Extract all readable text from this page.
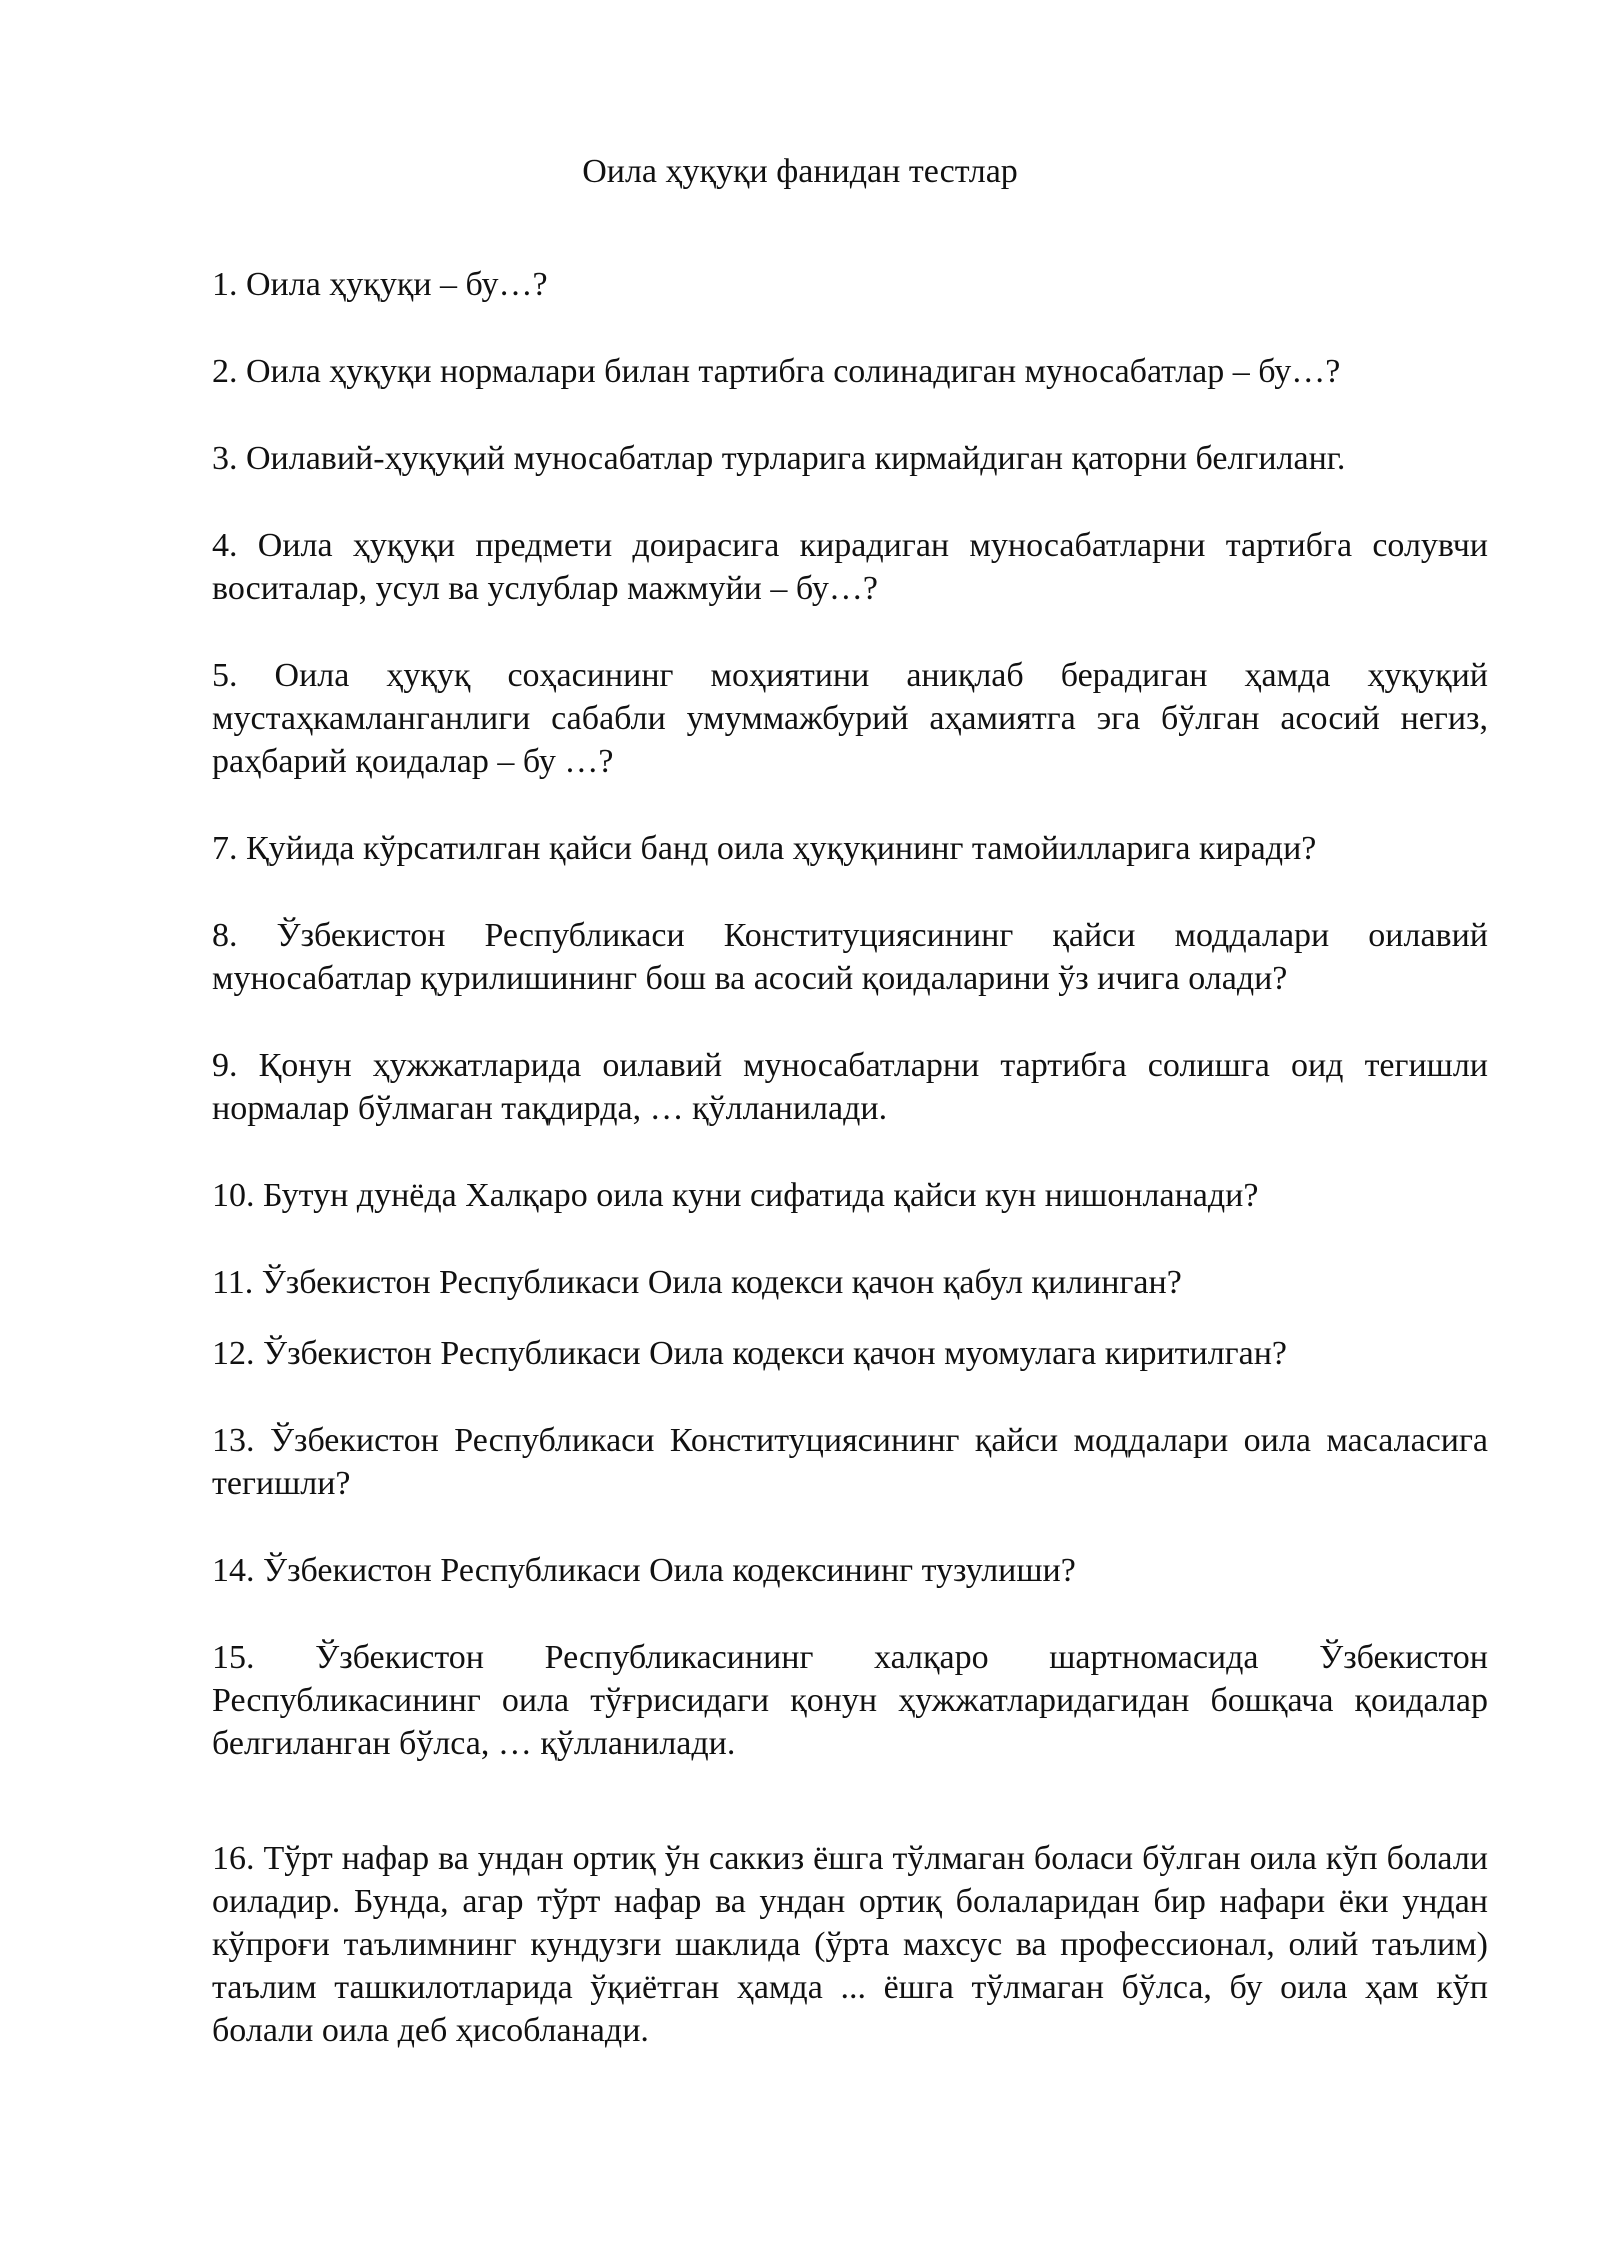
Оила ҳуқуқи фанидан тестлар

1. Оила ҳуқуқи – бу…?

2. Оила ҳуқуқи нормалари билан тартибга солинадиган муносабатлар – бу…?

3. Оилавий-ҳуқуқий муносабатлар турларига кирмайдиган қаторни белгиланг.

4. Оила ҳуқуқи предмети доирасига кирадиган муносабатларни тартибга солувчи воситалар, усул ва услублар мажмуйи – бу…?

5. Оила ҳуқуқ соҳасининг моҳиятини аниқлаб берадиган ҳамда ҳуқуқий мустаҳкамланганлиги сабабли умуммажбурий аҳамиятга эга бўлган асосий негиз, раҳбарий қоидалар – бу …?

7. Қуйида кўрсатилган қайси банд оила ҳуқуқининг тамойилларига киради?

8. Ўзбекистон Республикаси Конституциясининг қайси моддалари оилавий муносабатлар қурилишининг бош ва асосий қоидаларини ўз ичига олади?

9. Қонун ҳужжатларида оилавий муносабатларни тартибга солишга оид тегишли нормалар бўлмаган тақдирда, … қўлланилади.

10. Бутун дунёда Халқаро оила куни сифатида қайси кун нишонланади?

11. Ўзбекистон Республикаси Оила кодекси қачон қабул қилинган?

12. Ўзбекистон Республикаси Оила кодекси қачон муомулага киритилган?

13. Ўзбекистон Республикаси Конституциясининг қайси моддалари оила масаласига тегишли?

14. Ўзбекистон Республикаси Оила кодексининг тузулиши?

15. Ўзбекистон Республикасининг халқаро шартномасида Ўзбекистон Республикасининг оила тўғрисидаги қонун ҳужжатларидагидан бошқача қоидалар белгиланган бўлса, … қўлланилади.

16. Тўрт нафар ва ундан ортиқ ўн саккиз ёшга тўлмаган боласи бўлган оила кўп болали оиладир. Бунда, агар тўрт нафар ва ундан ортиқ болаларидан бир нафари ёки ундан кўпроғи таълимнинг кундузги шаклида (ўрта махсус ва профессионал, олий таълим) таълим ташкилотларида ўқиётган ҳамда ... ёшга тўлмаган бўлса, бу оила ҳам кўп болали оила деб ҳисобланади.
